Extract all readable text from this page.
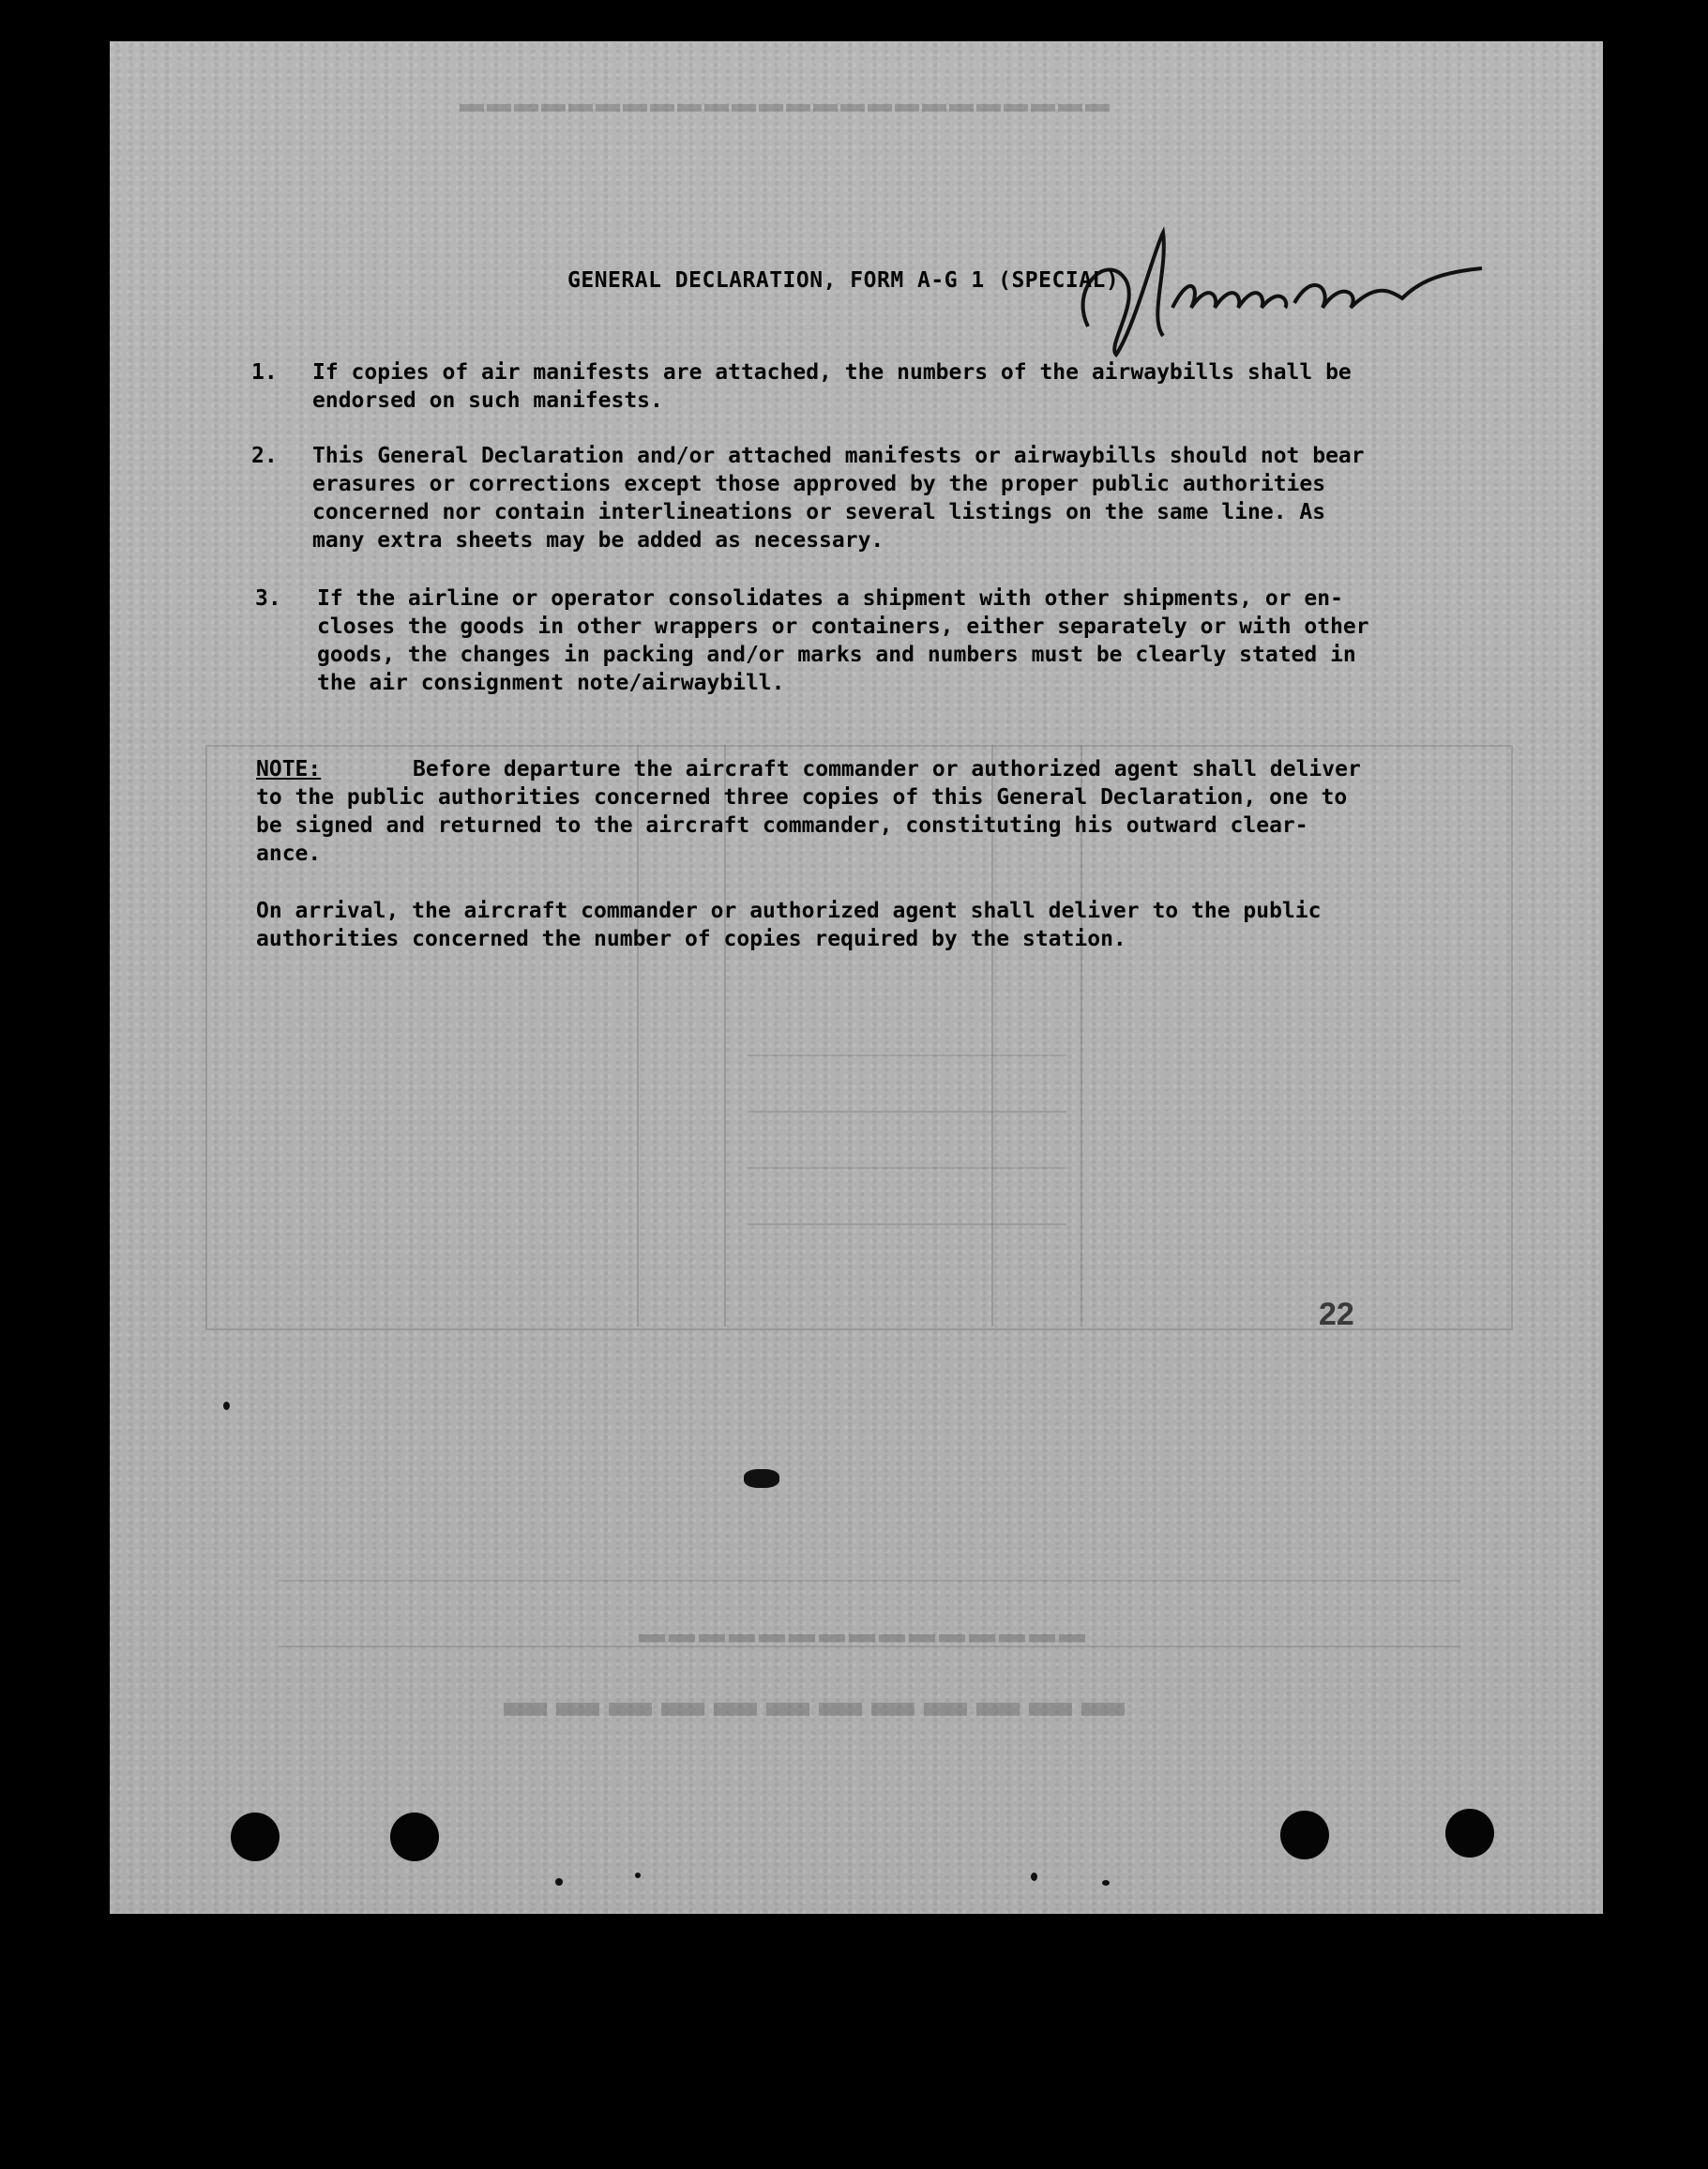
▬▬▬▬▬▬▬▬▬▬▬▬
▬▬▬▬▬▬▬▬▬▬▬▬▬▬▬
▬▬▬▬▬▬▬▬▬▬▬▬▬▬▬▬▬▬▬▬▬▬▬▬
22
GENERAL DECLARATION, FORM A-G 1 (SPECIAL)
1. If copies of air manifests are attached, the numbers of the airwaybills shall be
endorsed on such manifests.
2. This General Declaration and/or attached manifests or airwaybills should not bear
erasures or corrections except those approved by the proper public authorities
concerned nor contain interlineations or several listings on the same line. As
many extra sheets may be added as necessary.
3. If the airline or operator consolidates a shipment with other shipments, or en-
closes the goods in other wrappers or containers, either separately or with other
goods, the changes in packing and/or marks and numbers must be clearly stated in
the air consignment note/airwaybill.
NOTE:	Before departure the aircraft commander or authorized agent shall deliver
to the public authorities concerned three copies of this General Declaration, one to
be signed and returned to the aircraft commander, constituting his outward clear-
ance.
On arrival, the aircraft commander or authorized agent shall deliver to the public
authorities concerned the number of copies required by the station.
